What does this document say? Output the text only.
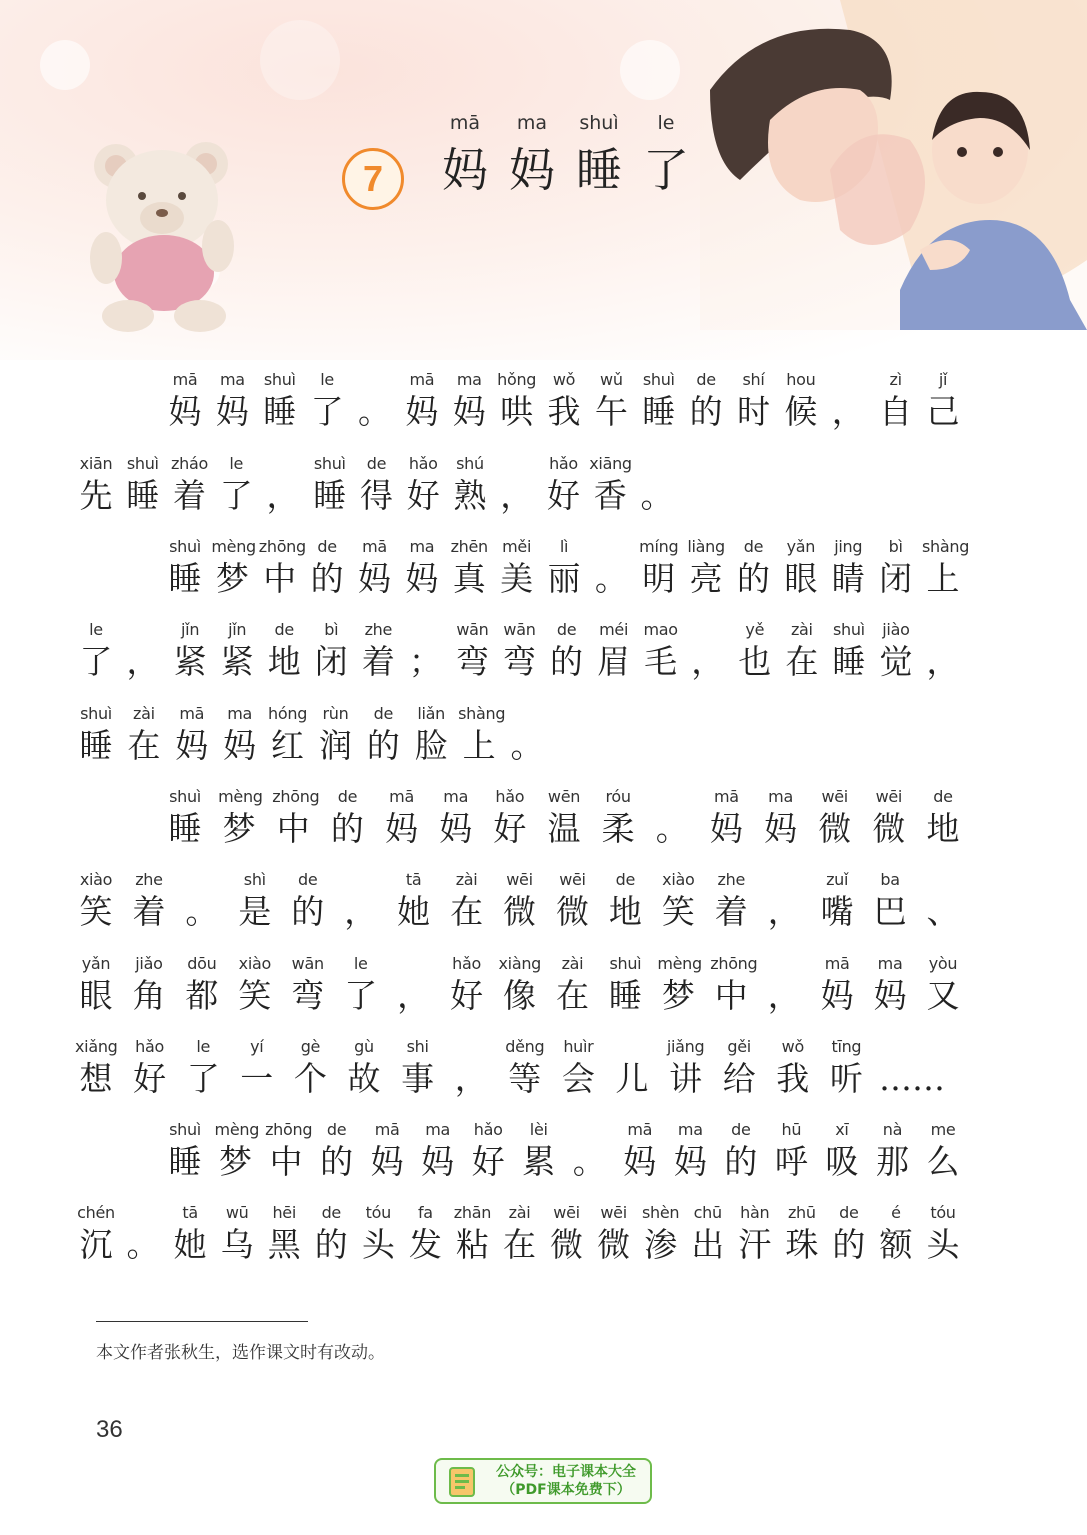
7
mā
妈
ma
妈
shuì
睡
le
了
mā
妈
ma
妈
shuì
睡
le
了 。
mā
妈
ma
妈
hǒng
哄
wǒ
我
wǔ
午
shuì
睡
de
的
shí
时
hou
候 ，
zì
自
jǐ
己
xiān
先
shuì
睡
zháo
着
le
了 ，
shuì
睡
de
得
hǎo
好
shú
熟 ，
hǎo
好
xiāng
香 。
shuì
睡
mèng
梦
zhōng
中
de
的
mā
妈
ma
妈
zhēn
真
měi
美
lì
丽 。
míng
明
liàng
亮
de
的
yǎn
眼
jing
睛
bì
闭
shàng
上
le
了 ，
jǐn
紧
jǐn
紧
de
地
bì
闭
zhe
着 ；
wān
弯
wān
弯
de
的
méi
眉
mao
毛 ，
yě
也
zài
在
shuì
睡
jiào
觉 ，
shuì
睡
zài
在
mā
妈
ma
妈
hóng
红
rùn
润
de
的
liǎn
脸
shàng
上 。
shuì
睡
mèng
梦
zhōng
中
de
的
mā
妈
ma
妈
hǎo
好
wēn
温
róu
柔 。
mā
妈
ma
妈
wēi
微
wēi
微
de
地
xiào
笑
zhe
着 。
shì
是
de
的 ，
tā
她
zài
在
wēi
微
wēi
微
de
地
xiào
笑
zhe
着 ，
zuǐ
嘴
ba
巴 、
yǎn
眼
jiǎo
角
dōu
都
xiào
笑
wān
弯
le
了 ，
hǎo
好
xiàng
像
zài
在
shuì
睡
mèng
梦
zhōng
中 ，
mā
妈
ma
妈
yòu
又
xiǎng
想
hǎo
好
le
了
yí
一
gè
个
gù
故
shi
事 ，
děng
等
huìr
会 儿
jiǎng
讲
gěi
给
wǒ
我
tīng
听 ……
shuì
睡
mèng
梦
zhōng
中
de
的
mā
妈
ma
妈
hǎo
好
lèi
累 。
mā
妈
ma
妈
de
的
hū
呼
xī
吸
nà
那
me
么
chén
沉 。
tā
她
wū
乌
hēi
黑
de
的
tóu
头
fa
发
zhān
粘
zài
在
wēi
微
wēi
微
shèn
渗
chū
出
hàn
汗
zhū
珠
de
的
é
额
tóu
头
本文作者张秋生，选作课文时有改动。
36
公众号：电子课本大全
（PDF课本免费下）
